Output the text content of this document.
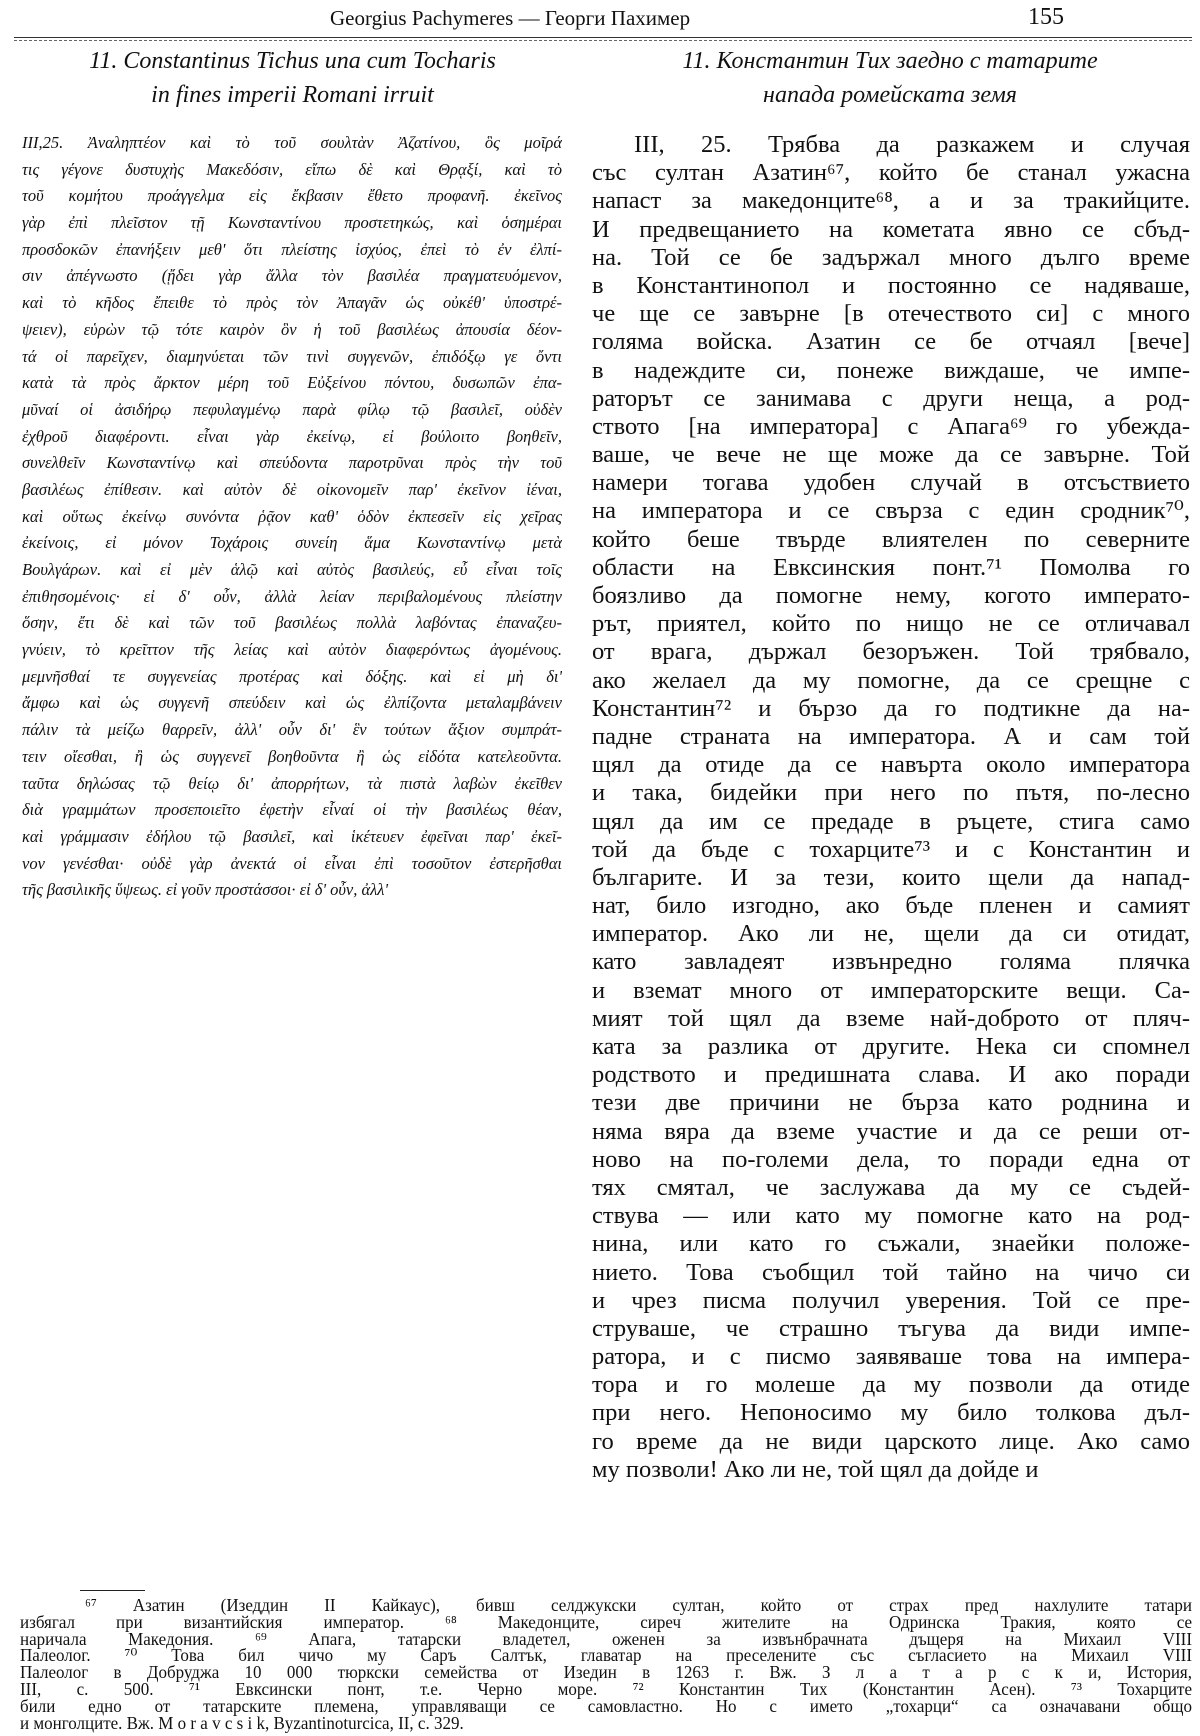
Georgius Pachymeres — Георги Пахимер	155
11. Constantinus Tichus una cum Tocharis
in fines imperii Romani irruit
11. Константин Тих заедно с татарите
напада ромейската земя
III,25. Ἀναληπτέον καὶ τὸ τοῦ σουλτὰν Ἀζατίνου, ὃς μοῖρά
τις γέγονε δυστυχὴς Μακεδόσιν, εἴπω δὲ καὶ Θρᾳξί, καὶ τὸ
τοῦ κομήτου προάγγελμα εἰς ἔκβασιν ἔθετο προφανῆ. ἐκεῖνος
γὰρ ἐπὶ πλεῖστον τῇ Κωνσταντίνου προστετηκώς, καὶ ὁσημέραι
προσδοκῶν ἐπανήξειν μεθ' ὅτι πλείστης ἰσχύος, ἐπεὶ τὸ ἐν ἐλπί-
σιν ἀπέγνωστο (ᾔδει γὰρ ἄλλα τὸν βασιλέα πραγματευόμενον,
καὶ τὸ κῆδος ἔπειθε τὸ πρὸς τὸν Ἀπαγᾶν ὡς οὐκέθ' ὑποστρέ-
ψειεν), εὑρὼν τῷ τότε καιρὸν ὃν ἡ τοῦ βασιλέως ἀπουσία δέον-
τά οἱ παρεῖχεν, διαμηνύεται τῶν τινὶ συγγενῶν, ἐπιδόξῳ γε ὄντι
κατὰ τὰ πρὸς ἄρκτον μέρη τοῦ Εὐξείνου πόντου, δυσωπῶν ἐπα-
μῦναί οἱ ἀσιδήρῳ πεφυλαγμένῳ παρὰ φίλῳ τῷ βασιλεῖ, οὐδὲν
ἐχθροῦ διαφέροντι. εἶναι γὰρ ἐκείνῳ, εἰ βούλοιτο βοηθεῖν,
συνελθεῖν Κωνσταντίνῳ καὶ σπεύδοντα παροτρῦναι πρὸς τὴν τοῦ
βασιλέως ἐπίθεσιν. καὶ αὐτὸν δὲ οἰκονομεῖν παρ' ἐκεῖνον ἰέναι,
καὶ οὕτως ἐκείνῳ συνόντα ῥᾷον καθ' ὁδὸν ἐκπεσεῖν εἰς χεῖρας
ἐκείνοις, εἰ μόνον Τοχάροις συνείη ἅμα Κωνσταντίνῳ μετὰ
Βουλγάρων. καὶ εἰ μὲν ἁλῷ καὶ αὐτὸς βασιλεύς, εὖ εἶναι τοῖς
ἐπιθησομένοις· εἰ δ' οὖν, ἀλλὰ λείαν περιβαλομένους πλείστην
ὅσην, ἔτι δὲ καὶ τῶν τοῦ βασιλέως πολλὰ λαβόντας ἐπαναζευ-
γνύειν, τὸ κρεῖττον τῆς λείας καὶ αὐτὸν διαφερόντως ἀγομένους.
μεμνῆσθαί τε συγγενείας προτέρας καὶ δόξης. καὶ εἰ μὴ δι'
ἄμφω καὶ ὡς συγγενῆ σπεύδειν καὶ ὡς ἐλπίζοντα μεταλαμβάνειν
πάλιν τὰ μείζω θαρρεῖν, ἀλλ' οὖν δι' ἓν τούτων ἄξιον συμπράτ-
τειν οἴεσθαι, ἢ ὡς συγγενεῖ βοηθοῦντα ἢ ὡς εἰδότα κατελεοῦντα.
ταῦτα δηλώσας τῷ θείῳ δι' ἀπορρήτων, τὰ πιστὰ λαβὼν ἐκεῖθεν
διὰ γραμμάτων προσεποιεῖτο ἐφετὴν εἶναί οἱ τὴν βασιλέως θέαν,
καὶ γράμμασιν ἐδήλου τῷ βασιλεῖ, καὶ ἱκέτευεν ἐφεῖναι παρ' ἐκεῖ-
νον γενέσθαι· οὐδὲ γὰρ ἀνεκτά οἱ εἶναι ἐπὶ τοσοῦτον ἐστερῆσθαι
τῆς βασιλικῆς ὕψεως. εἰ γοῦν προστάσσοι· εἰ δ' οὖν, ἀλλ'
III, 25. Трябва да разкажем и случая
със султан Азатин⁶⁷, който бе станал ужасна
напаст за македонците⁶⁸, а и за тракийците.
И предвещанието на кометата явно се сбъд-
на. Той се бе задържал много дълго време
в Константинопол и постоянно се надяваше,
че ще се завърне [в отечеството си] с много
голяма войска. Азатин се бе отчаял [вече]
в надеждите си, понеже виждаше, че импе-
раторът се занимава с други неща, а род-
ството [на императора] с Апага⁶⁹ го убежда-
ваше, че вече не ще може да се завърне. Той
намери тогава удобен случай в отсъствието
на императора и се свърза с един сродник⁷⁰,
който беше твърде влиятелен по северните
области на Евксинския понт.⁷¹ Помолва го
боязливо да помогне нему, когото императо-
рът, приятел, който по нищо не се отличавал
от врага, държал безоръжен. Той трябвало,
ако желаел да му помогне, да се срещне с
Константин⁷² и бързо да го подтикне да на-
падне страната на императора. А и сам той
щял да отиде да се навърта около императора
и така, бидейки при него по пътя, по-лесно
щял да им се предаде в ръцете, стига само
той да бъде с тохарците⁷³ и с Константин и
българите. И за тези, които щели да напад-
нат, било изгодно, ако бъде пленен и самият
император. Ако ли не, щели да си отидат,
като завладеят извънредно голяма плячка
и вземат много от императорските вещи. Са-
мият той щял да вземе най-доброто от пляч-
ката за разлика от другите. Нека си спомнел
родството и предишната слава. И ако поради
тези две причини не бърза като роднина и
няма вяра да вземе участие и да се реши от-
ново на по-големи дела, то поради една от
тях смятал, че заслужава да му се съдей-
ствува — или като му помогне като на род-
нина, или като го съжали, знаейки положе-
нието. Това съобщил той тайно на чичо си
и чрез писма получил уверения. Той се пре-
струваше, че страшно тъгува да види импе-
ратора, и с писмо заявяваше това на импера-
тора и го молеше да му позволи да отиде
при него. Непоносимо му било толкова дъл-
го време да не види царското лице. Ако само
му позволи! Ако ли не, той щял да дойде и
⁶⁷ Азатин (Изеддин II Кайкаус), бивш селджукски султан, който от страх пред нахлулите татари
избягал при византийския император. ⁶⁸ Македонците, сиреч жителите на Одринска Тракия, която се
наричала Македония. ⁶⁹ Апага, татарски владетел, оженен за извънбрачната дъщеря на Михаил VIII
Палеолог. ⁷⁰ Това бил чичо му Саръ Салтък, главатар на преселените със съгласието на Михаил VIII
Палеолог в Добруджа 10 000 тюркски семейства от Изедин в 1263 г. Вж. З л а т а р с к и, История,
III, с. 500. ⁷¹ Евксински понт, т.е. Черно море. ⁷² Константин Тих (Константин Асен). ⁷³ Тохарците
били едно от татарските племена, управляващи се самовластно. Но с името „тохарци“ са означавани общо
и монголците. Вж. M o r a v c s i k, Byzantinoturcica, II, с. 329.
